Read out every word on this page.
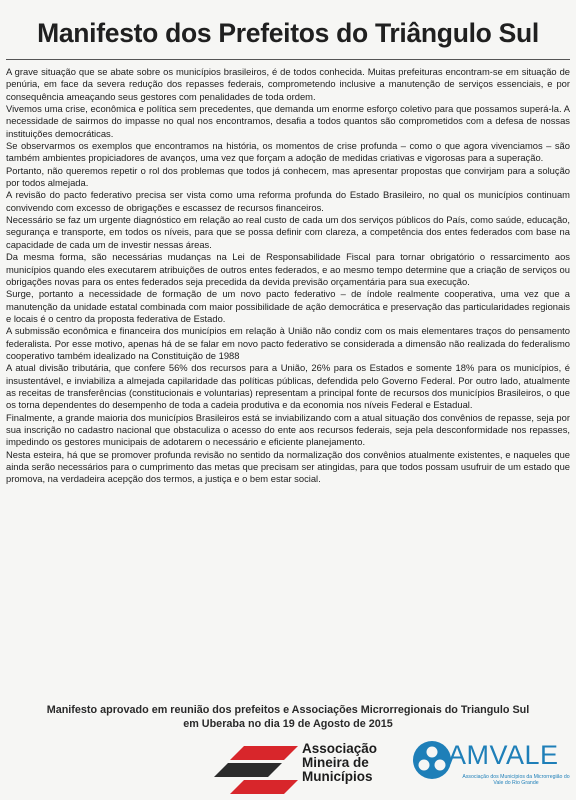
Manifesto dos Prefeitos do Triângulo Sul

A grave situação que se abate sobre os municípios brasileiros, é de todos conhecida. Muitas prefeituras encontram-se em situação de penúria, em face da severa redução dos repasses federais, comprometendo inclusive a manutenção de serviços essenciais, e por consequência ameaçando seus gestores com penalidades de toda ordem.

Vivemos uma crise, econômica e política sem precedentes, que demanda um enorme esforço coletivo para que possamos superá-la. A necessidade de sairmos do impasse no qual nos encontramos, desafia a todos quantos são comprometidos com a defesa de nossas instituições democráticas.

Se observarmos os exemplos que encontramos na história, os momentos de crise profunda – como o que agora vivenciamos – são também ambientes propiciadores de avanços, uma vez que forçam a adoção de medidas criativas e vigorosas para a superação.

Portanto, não queremos repetir o rol dos problemas que todos já conhecem, mas apresentar propostas que convirjam para a solução por todos almejada.

A revisão do pacto federativo precisa ser vista como uma reforma profunda do Estado Brasileiro, no qual os municípios continuam convivendo com excesso de obrigações e escassez de recursos financeiros.

Necessário se faz um urgente diagnóstico em relação ao real custo de cada um dos serviços públicos do País, como saúde, educação, segurança e transporte, em todos os níveis, para que se possa definir com clareza, a competência dos entes federados com base na capacidade de cada um de investir nessas áreas.

Da mesma forma, são necessárias mudanças na Lei de Responsabilidade Fiscal para tornar obrigatório o ressarcimento aos municípios quando eles executarem atribuições de outros entes federados, e ao mesmo tempo determine que a criação de serviços ou obrigações novas para os entes federados seja precedida da devida previsão orçamentária para sua execução.

Surge, portanto a necessidade de formação de um novo pacto federativo – de índole realmente cooperativa, uma vez que a manutenção da unidade estatal combinada com maior possibilidade de ação democrática e preservação das particularidades regionais e locais é o centro da proposta federativa de Estado.

A submissão econômica e financeira dos municípios em relação à União não condiz com os mais elementares traços do pensamento federalista. Por esse motivo, apenas há de se falar em novo pacto federativo se considerada a dimensão não realizada do federalismo cooperativo também idealizado na Constituição de 1988

A atual divisão tributária, que confere 56% dos recursos para a União, 26% para os Estados e somente 18% para os municípios, é insustentável, e inviabiliza a almejada capilaridade das políticas públicas, defendida pelo Governo Federal. Por outro lado, atualmente as receitas de transferências (constitucionais e voluntarias) representam a principal fonte de recursos dos municípios Brasileiros, o que os torna dependentes do desempenho de toda a cadeia produtiva e da economia nos níveis Federal e Estadual.

Finalmente, a grande maioria dos municípios Brasileiros está se inviabilizando com a atual situação dos convênios de repasse, seja por sua inscrição no cadastro nacional que obstaculiza o acesso do ente aos recursos federais, seja pela desconformidade nos repasses, impedindo os gestores municipais de adotarem o necessário e eficiente planejamento.

Nesta esteira, há que se promover profunda revisão no sentido da normalização dos convênios atualmente existentes, e naqueles que ainda serão necessários para o cumprimento das metas que precisam ser atingidas, para que todos possam usufruir de um estado que promova, na verdadeira acepção dos termos, a justiça e o bem estar social.

Manifesto aprovado em reunião dos prefeitos e Associações Microrregionais do Triangulo Sul

em Uberaba no dia 19 de Agosto de 2015

Associação
Mineira de
Municípios
AMVALE
Associação dos Municípios da Microrregião do Vale do Rio Grande
